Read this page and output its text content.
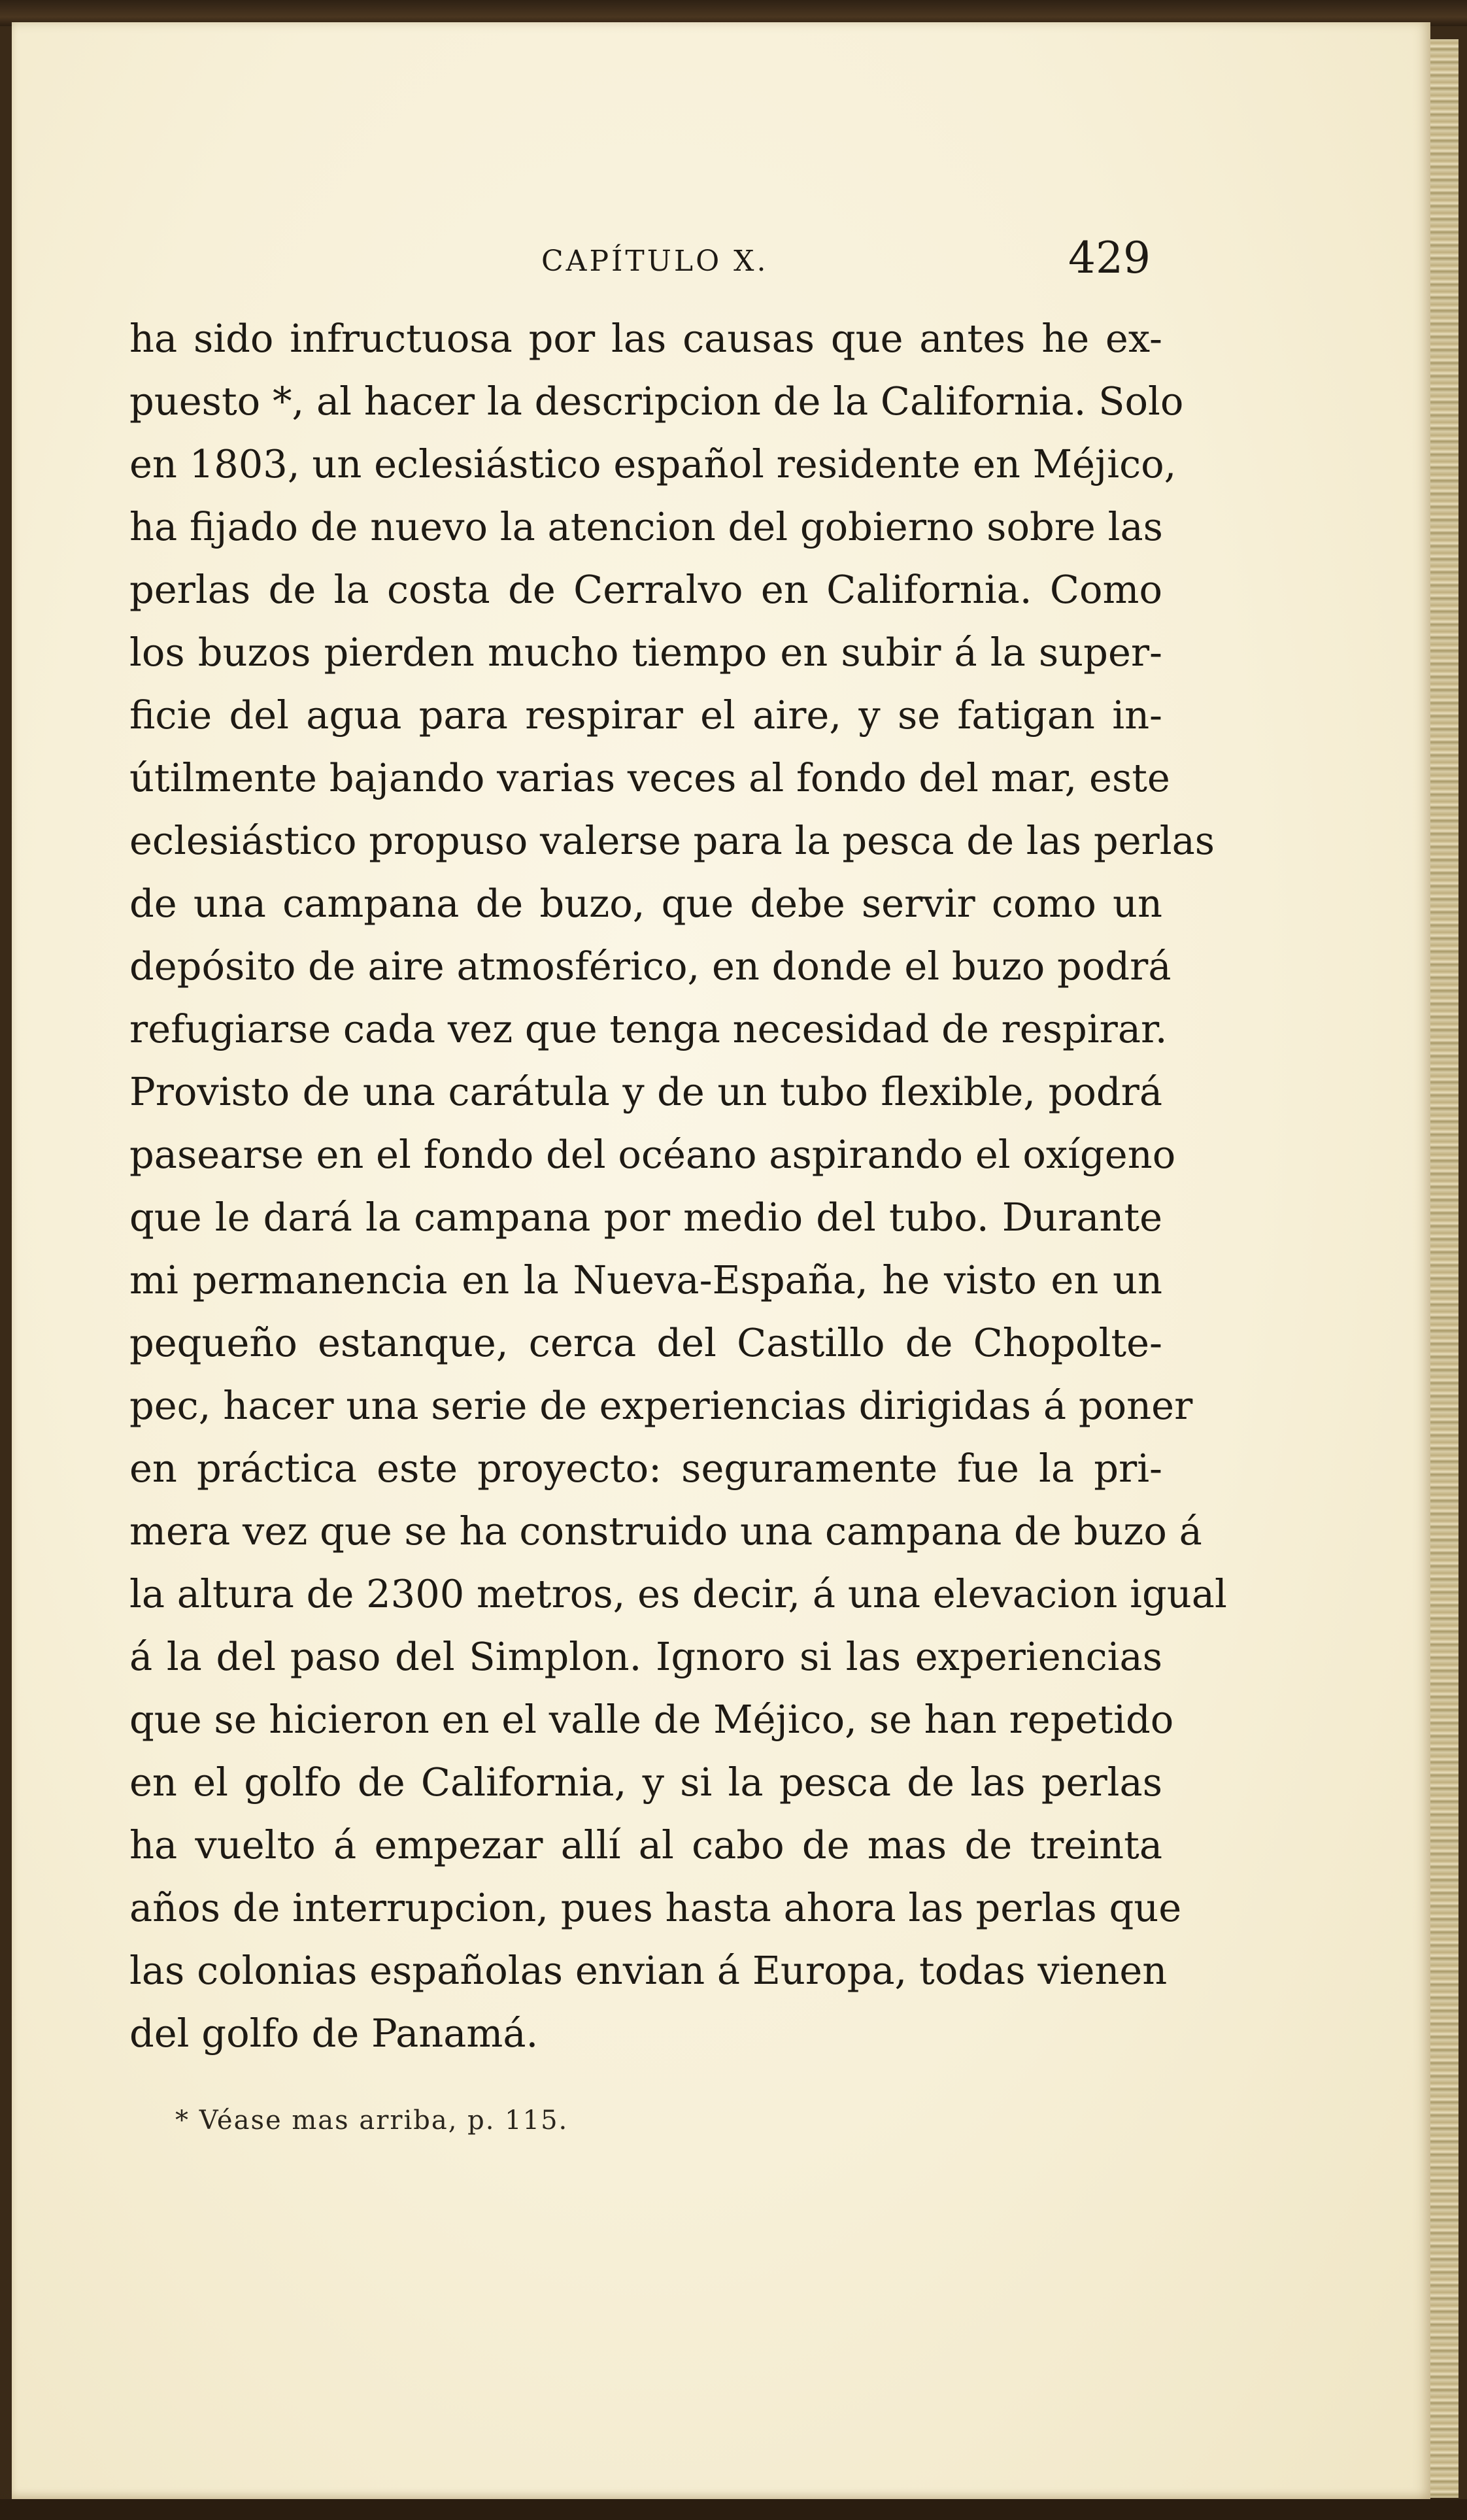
CAPÍTULO X.	429
ha sido infructuosa por las causas que antes he ex-
puesto *, al hacer la descripcion de la California. Solo
en 1803, un eclesiástico español residente en Méjico,
ha fijado de nuevo la atencion del gobierno sobre las
perlas de la costa de Cerralvo en California. Como
los buzos pierden mucho tiempo en subir á la super-
ficie del agua para respirar el aire, y se fatigan in-
útilmente bajando varias veces al fondo del mar, este
eclesiástico propuso valerse para la pesca de las perlas
de una campana de buzo, que debe servir como un
depósito de aire atmosférico, en donde el buzo podrá
refugiarse cada vez que tenga necesidad de respirar.
Provisto de una carátula y de un tubo flexible, podrá
pasearse en el fondo del océano aspirando el oxígeno
que le dará la campana por medio del tubo. Durante
mi permanencia en la Nueva-España, he visto en un
pequeño estanque, cerca del Castillo de Chopolte-
pec, hacer una serie de experiencias dirigidas á poner
en práctica este proyecto: seguramente fue la pri-
mera vez que se ha construido una campana de buzo á
la altura de 2300 metros, es decir, á una elevacion igual
á la del paso del Simplon. Ignoro si las experiencias
que se hicieron en el valle de Méjico, se han repetido
en el golfo de California, y si la pesca de las perlas
ha vuelto á empezar allí al cabo de mas de treinta
años de interrupcion, pues hasta ahora las perlas que
las colonias españolas envian á Europa, todas vienen
del golfo de Panamá.
* Véase mas arriba, p. 115.
